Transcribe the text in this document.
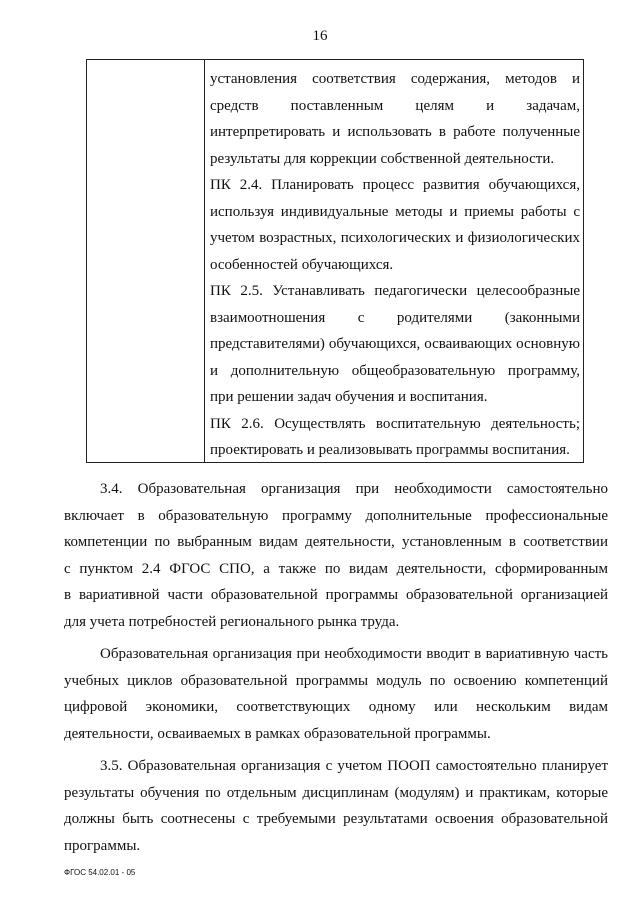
16
установления соответствия содержания, методов и
средств поставленным целям и задачам,
интерпретировать и использовать в работе полученные
результаты для коррекции собственной деятельности.
ПК 2.4. Планировать процесс развития обучающихся,
используя индивидуальные методы и приемы работы с
учетом возрастных, психологических и физиологических
особенностей обучающихся.
ПК 2.5. Устанавливать педагогически целесообразные
взаимоотношения с родителями (законными
представителями) обучающихся, осваивающих основную
и дополнительную общеобразовательную программу,
при решении задач обучения и воспитания.
ПК 2.6. Осуществлять воспитательную деятельность;
проектировать и реализовывать программы воспитания.
3.4. Образовательная организация при необходимости самостоятельно
включает в образовательную программу дополнительные профессиональные
компетенции по выбранным видам деятельности, установленным в соответствии
с пунктом 2.4 ФГОС СПО, а также по видам деятельности, сформированным
в вариативной части образовательной программы образовательной организацией
для учета потребностей регионального рынка труда.
Образовательная организация при необходимости вводит в вариативную часть
учебных циклов образовательной программы модуль по освоению компетенций
цифровой экономики, соответствующих одному или нескольким видам
деятельности, осваиваемых в рамках образовательной программы.
3.5. Образовательная организация с учетом ПООП самостоятельно планирует
результаты обучения по отдельным дисциплинам (модулям) и практикам, которые
должны быть соотнесены с требуемыми результатами освоения образовательной
программы.
ФГОС 54.02.01 - 05
